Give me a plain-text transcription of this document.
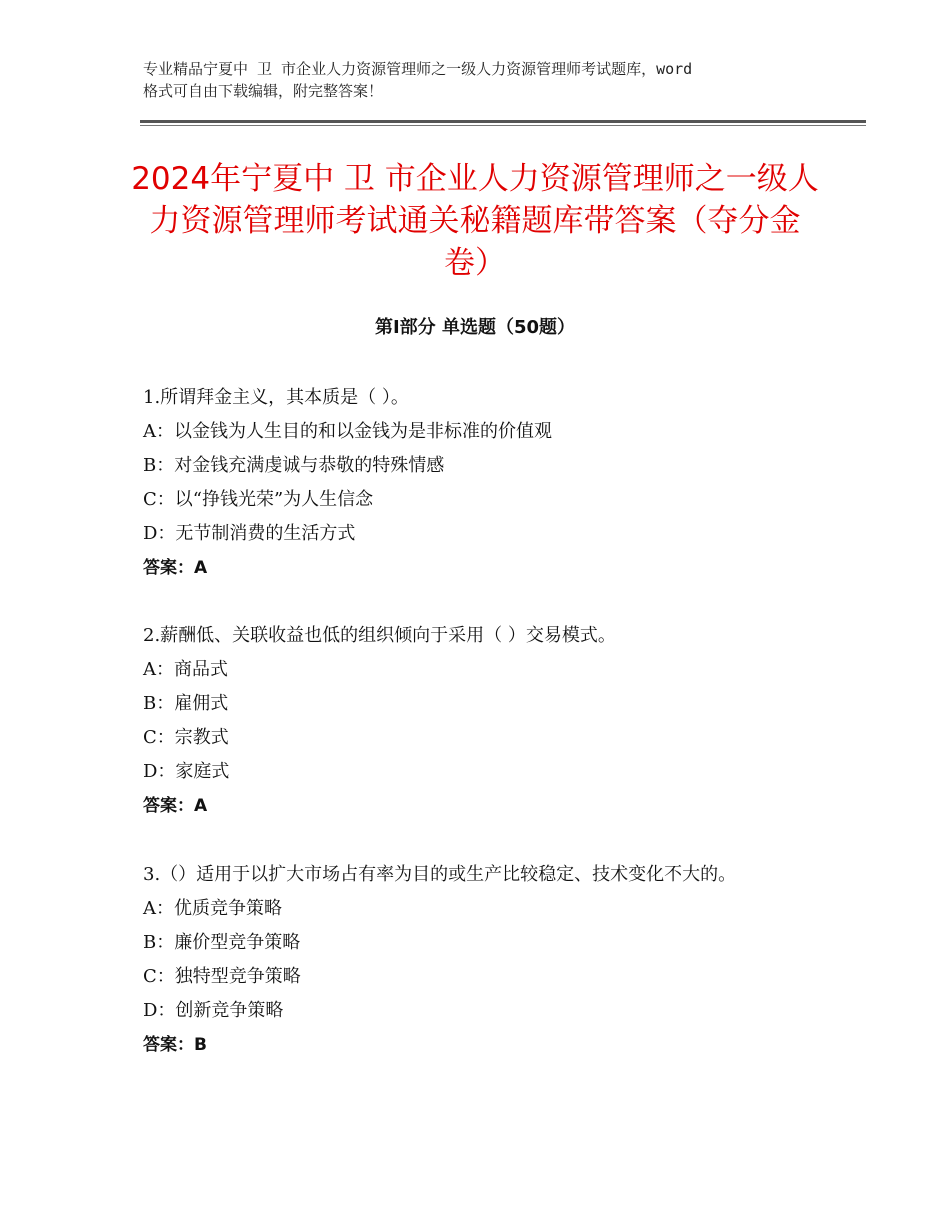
专业精品宁夏中 卫 市企业人力资源管理师之一级人力资源管理师考试题库，word

格式可自由下载编辑，附完整答案！

2024年宁夏中 卫 市企业人力资源管理师之一级人力资源管理师考试通关秘籍题库带答案（夺分金卷）
第Ⅰ部分 单选题（50题）

1.所谓拜金主义，其本质是（ ）。

A：以金钱为人生目的和以金钱为是非标准的价值观

B：对金钱充满虔诚与恭敬的特殊情感

C：以“挣钱光荣”为人生信念

D：无节制消费的生活方式

答案：A

2.薪酬低、关联收益也低的组织倾向于采用（ ）交易模式。

A：商品式

B：雇佣式

C：宗教式

D：家庭式

答案：A

3.（）适用于以扩大市场占有率为目的或生产比较稳定、技术变化不大的。

A：优质竞争策略

B：廉价型竞争策略

C：独特型竞争策略

D：创新竞争策略

答案：B
